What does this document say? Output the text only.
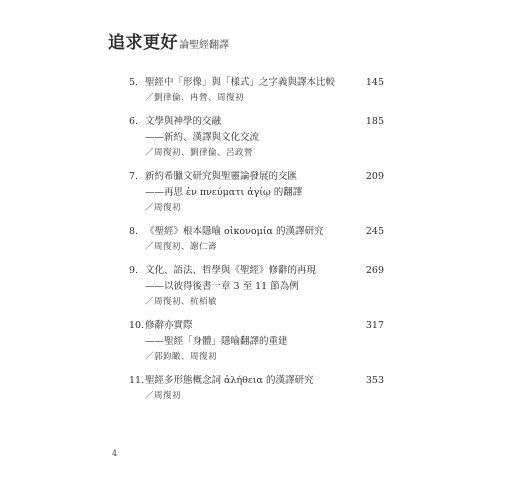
追求更好 論聖經翻譯
5. 聖經中「形像」與「樣式」之字義與譯本比較	145
／劉律倫、冉營、周復初
6. 文學與神學的交融	185
——新約、漢譯與文化交流
／周復初、劉律倫、呂政營
7. 新約希臘文研究與聖靈論發展的交匯	209
——再思 ἐν πνεύματι ἁγίῳ 的翻譯
／周復初
8. 《聖經》根本隱喻 οἰκονομία 的漢譯研究	245
／周復初、謝仁壽
9. 文化、語法、哲學與《聖經》修辭的再現	269
——以彼得後書一章 3 至 11 節為例
／周復初、杭栢敏
10.修辭亦實際	317
——聖經「身體」隱喻翻譯的重建
／郭鈞瞰、周復初
11.聖經多形態概念詞 ἀλήθεια 的漢譯研究	353
／周復初
4
